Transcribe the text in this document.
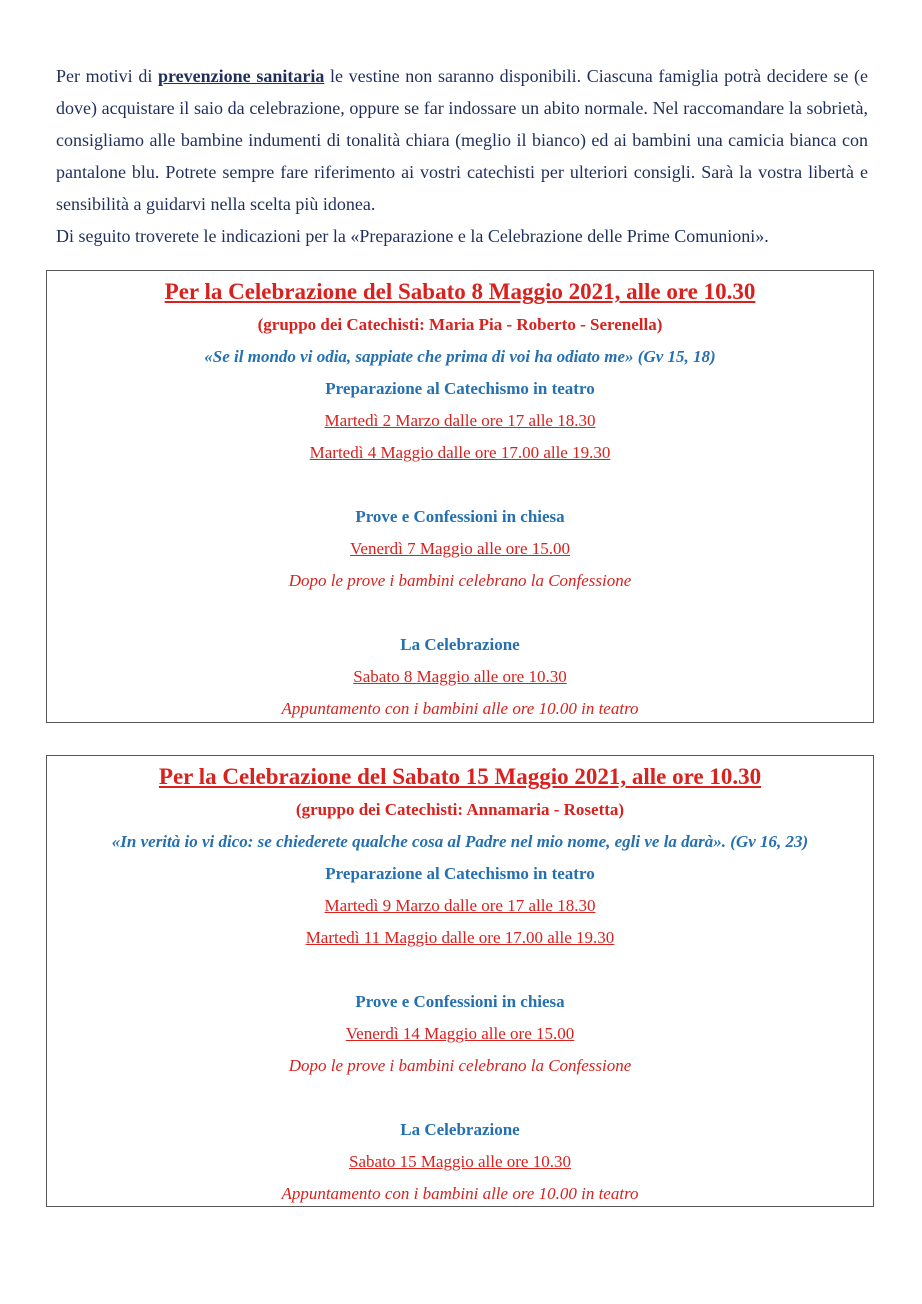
Per motivi di prevenzione sanitaria le vestine non saranno disponibili. Ciascuna famiglia potrà decidere se (e dove) acquistare il saio da celebrazione, oppure se far indossare un abito normale. Nel raccomandare la sobrietà, consigliamo alle bambine indumenti di tonalità chiara (meglio il bianco) ed ai bambini una camicia bianca con pantalone blu. Potrete sempre fare riferimento ai vostri catechisti per ulteriori consigli. Sarà la vostra libertà e sensibilità a guidarvi nella scelta più idonea.

Di seguito troverete le indicazioni per la «Preparazione e la Celebrazione delle Prime Comunioni».

Per la Celebrazione del Sabato 8 Maggio 2021, alle ore 10.30
(gruppo dei Catechisti: Maria Pia - Roberto - Serenella)
«Se il mondo vi odia, sappiate che prima di voi ha odiato me» (Gv 15, 18)
Preparazione al Catechismo in teatro
Martedì 2 Marzo dalle ore 17 alle 18.30
Martedì 4 Maggio dalle ore 17.00 alle 19.30
Prove e Confessioni in chiesa
Venerdì 7 Maggio alle ore 15.00
Dopo le prove i bambini celebrano la Confessione
La Celebrazione
Sabato 8 Maggio alle ore 10.30
Appuntamento con i bambini alle ore 10.00 in teatro
Per la Celebrazione del Sabato 15 Maggio 2021, alle ore 10.30
(gruppo dei Catechisti: Annamaria - Rosetta)
«In verità io vi dico: se chiederete qualche cosa al Padre nel mio nome, egli ve la darà». (Gv 16, 23)
Preparazione al Catechismo in teatro
Martedì 9 Marzo dalle ore 17 alle 18.30
Martedì 11 Maggio dalle ore 17.00 alle 19.30
Prove e Confessioni in chiesa
Venerdì 14 Maggio alle ore 15.00
Dopo le prove i bambini celebrano la Confessione
La Celebrazione
Sabato 15 Maggio alle ore 10.30
Appuntamento con i bambini alle ore 10.00 in teatro
